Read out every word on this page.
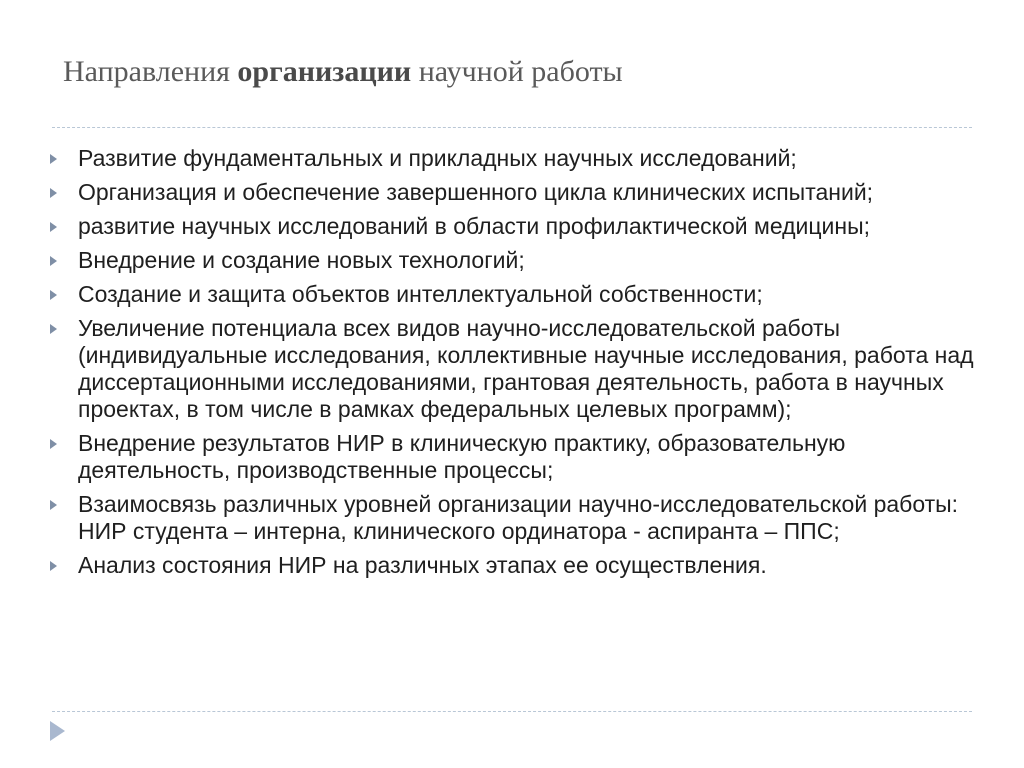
Направления организации научной работы
Развитие фундаментальных и прикладных научных исследований;
Организация и обеспечение завершенного цикла клинических испытаний;
развитие научных исследований в области профилактической медицины;
Внедрение и создание новых технологий;
Создание и защита объектов интеллектуальной собственности;
Увеличение потенциала всех видов научно-исследовательской работы (индивидуальные исследования, коллективные научные исследования, работа над диссертационными исследованиями, грантовая деятельность, работа в научных проектах, в том числе в рамках федеральных целевых программ);
Внедрение результатов НИР в клиническую практику, образовательную деятельность, производственные процессы;
Взаимосвязь различных уровней организации научно-исследовательской работы: НИР студента – интерна, клинического ординатора - аспиранта – ППС;
Анализ состояния НИР на различных этапах ее осуществления.
